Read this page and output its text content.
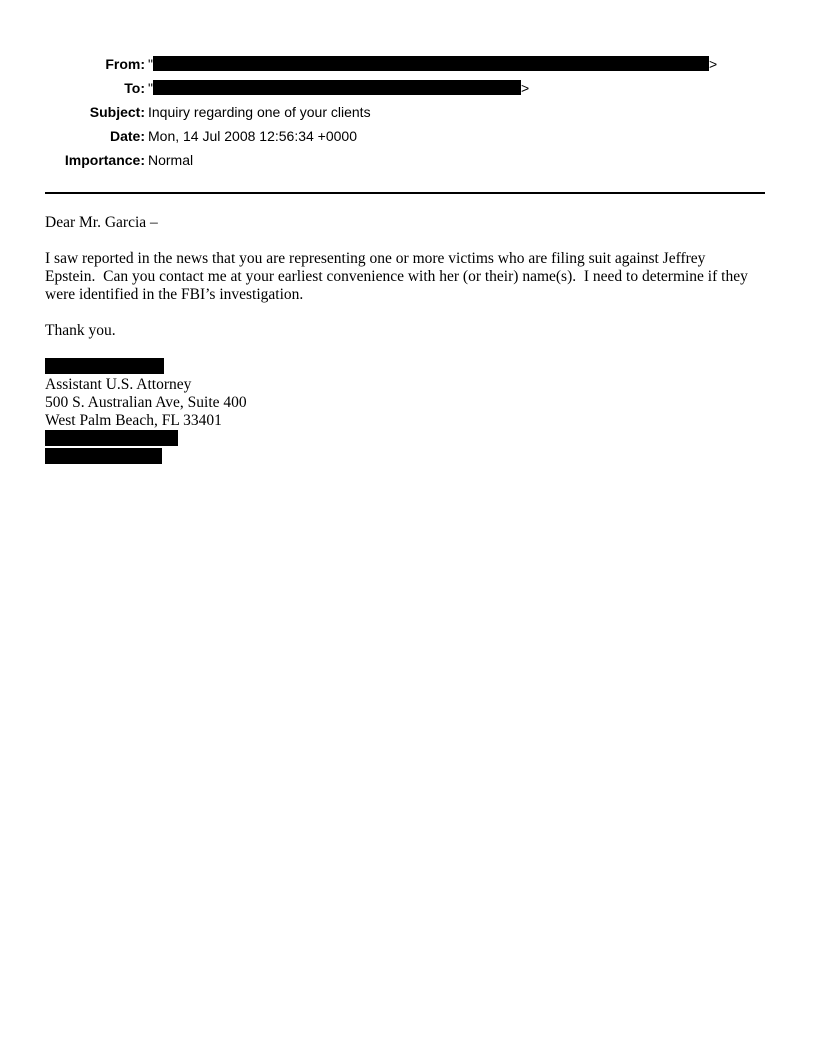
From: "	>
To: "	>
Subject: Inquiry regarding one of your clients
Date: Mon, 14 Jul 2008 12:56:34 +0000
Importance: Normal

Dear Mr. Garcia –

I saw reported in the news that you are representing one or more victims who are filing suit against Jeffrey
Epstein.  Can you contact me at your earliest convenience with her (or their) name(s).  I need to determine if they
were identified in the FBI’s investigation.

Thank you.

Assistant U.S. Attorney
500 S. Australian Ave, Suite 400
West Palm Beach, FL 33401
